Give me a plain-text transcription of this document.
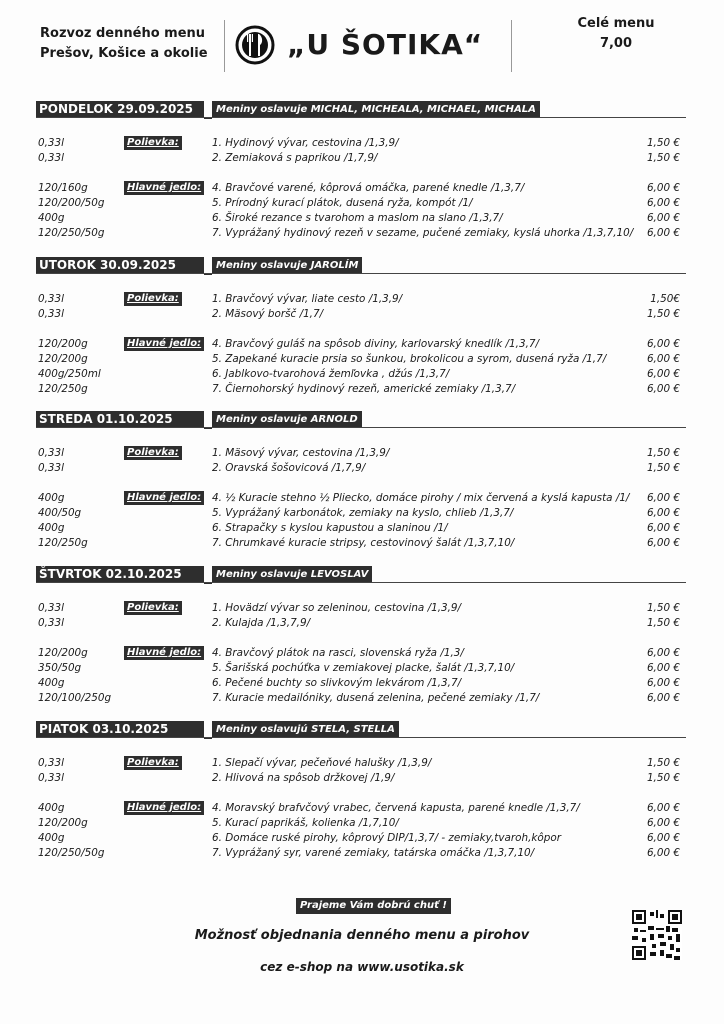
Rozvoz denného menu
Prešov, Košice a okolie	„U ŠOTIKA“
Celé menu
7,00
PONDELOK 29.09.2025	Meniny oslavuje MICHAL, MICHEALA, MICHAEL, MICHALA
Polievka:
0,33l	1. Hydinový vývar, cestovina /1,3,9/	1,50 €
0,33l	2. Zemiaková s paprikou /1,7,9/	1,50 €
Hlavné jedlo:
120/160g	4. Bravčové varené, kôprová omáčka, parené knedle /1,3,7/	6,00 €
120/200/50g	5. Prírodný kurací plátok, dusená ryža, kompót /1/	6,00 €
400g	6. Široké rezance s tvarohom a maslom na slano /1,3,7/	6,00 €
120/250/50g	7. Vyprážaný hydinový rezeň v sezame, pučené zemiaky, kyslá uhorka /1,3,7,10/	6,00 €
UTOROK 30.09.2025	Meniny oslavuje JAROLÍM
Polievka:
0,33l	1. Bravčový vývar, liate cesto /1,3,9/	1,50€
0,33l	2. Mäsový boršč /1,7/	1,50 €
Hlavné jedlo:
120/200g	4. Bravčový guláš na spôsob diviny, karlovarský knedlík /1,3,7/	6,00 €
120/200g	5. Zapekané kuracie prsia so šunkou, brokolicou a syrom, dusená ryža /1,7/	6,00 €
400g/250ml	6. Jablkovo-tvarohová žemľovka , džús /1,3,7/	6,00 €
120/250g	7. Čiernohorský hydinový rezeň, americké zemiaky /1,3,7/	6,00 €
STREDA 01.10.2025	Meniny oslavuje ARNOLD
Polievka:
0,33l	1. Mäsový vývar, cestovina /1,3,9/	1,50 €
0,33l	2. Oravská šošovicová /1,7,9/	1,50 €
Hlavné jedlo:
400g	4. ½ Kuracie stehno ½ Pliecko, domáce pirohy / mix červená a kyslá kapusta /1/	6,00 €
400/50g	5. Vyprážaný karbonátok, zemiaky na kyslo, chlieb /1,3,7/	6,00 €
400g	6. Strapačky s kyslou kapustou a slaninou /1/	6,00 €
120/250g	7. Chrumkavé kuracie stripsy, cestovinový šalát /1,3,7,10/	6,00 €
ŠTVRTOK 02.10.2025	Meniny oslavuje LEVOSLAV
Polievka:
0,33l	1. Hovädzí vývar so zeleninou, cestovina /1,3,9/	1,50 €
0,33l	2. Kulajda /1,3,7,9/	1,50 €
Hlavné jedlo:
120/200g	4. Bravčový plátok na rasci, slovenská ryža /1,3/	6,00 €
350/50g	5. Šarišská pochúťka v zemiakovej placke, šalát /1,3,7,10/	6,00 €
400g	6. Pečené buchty so slivkovým lekvárom /1,3,7/	6,00 €
120/100/250g	7. Kuracie medailóniky, dusená zelenina, pečené zemiaky /1,7/	6,00 €
PIATOK 03.10.2025	Meniny oslavujú STELA, STELLA
Polievka:
0,33l	1. Slepačí vývar, pečeňové halušky /1,3,9/	1,50 €
0,33l	2. Hlivová na spôsob držkovej /1,9/	1,50 €
Hlavné jedlo:
400g	4. Moravský brafvčový vrabec, červená kapusta, parené knedle /1,3,7/	6,00 €
120/200g	5. Kurací paprikáš, kolienka /1,7,10/	6,00 €
400g	6. Domáce ruské pirohy, kôprový DIP/1,3,7/ - zemiaky,tvaroh,kôpor	6,00 €
120/250/50g	7. Vyprážaný syr, varené zemiaky, tatárska omáčka /1,3,7,10/	6,00 €
Prajeme Vám dobrú chuť !
Možnosť objednania denného menu a pirohov
cez e-shop na www.usotika.sk
